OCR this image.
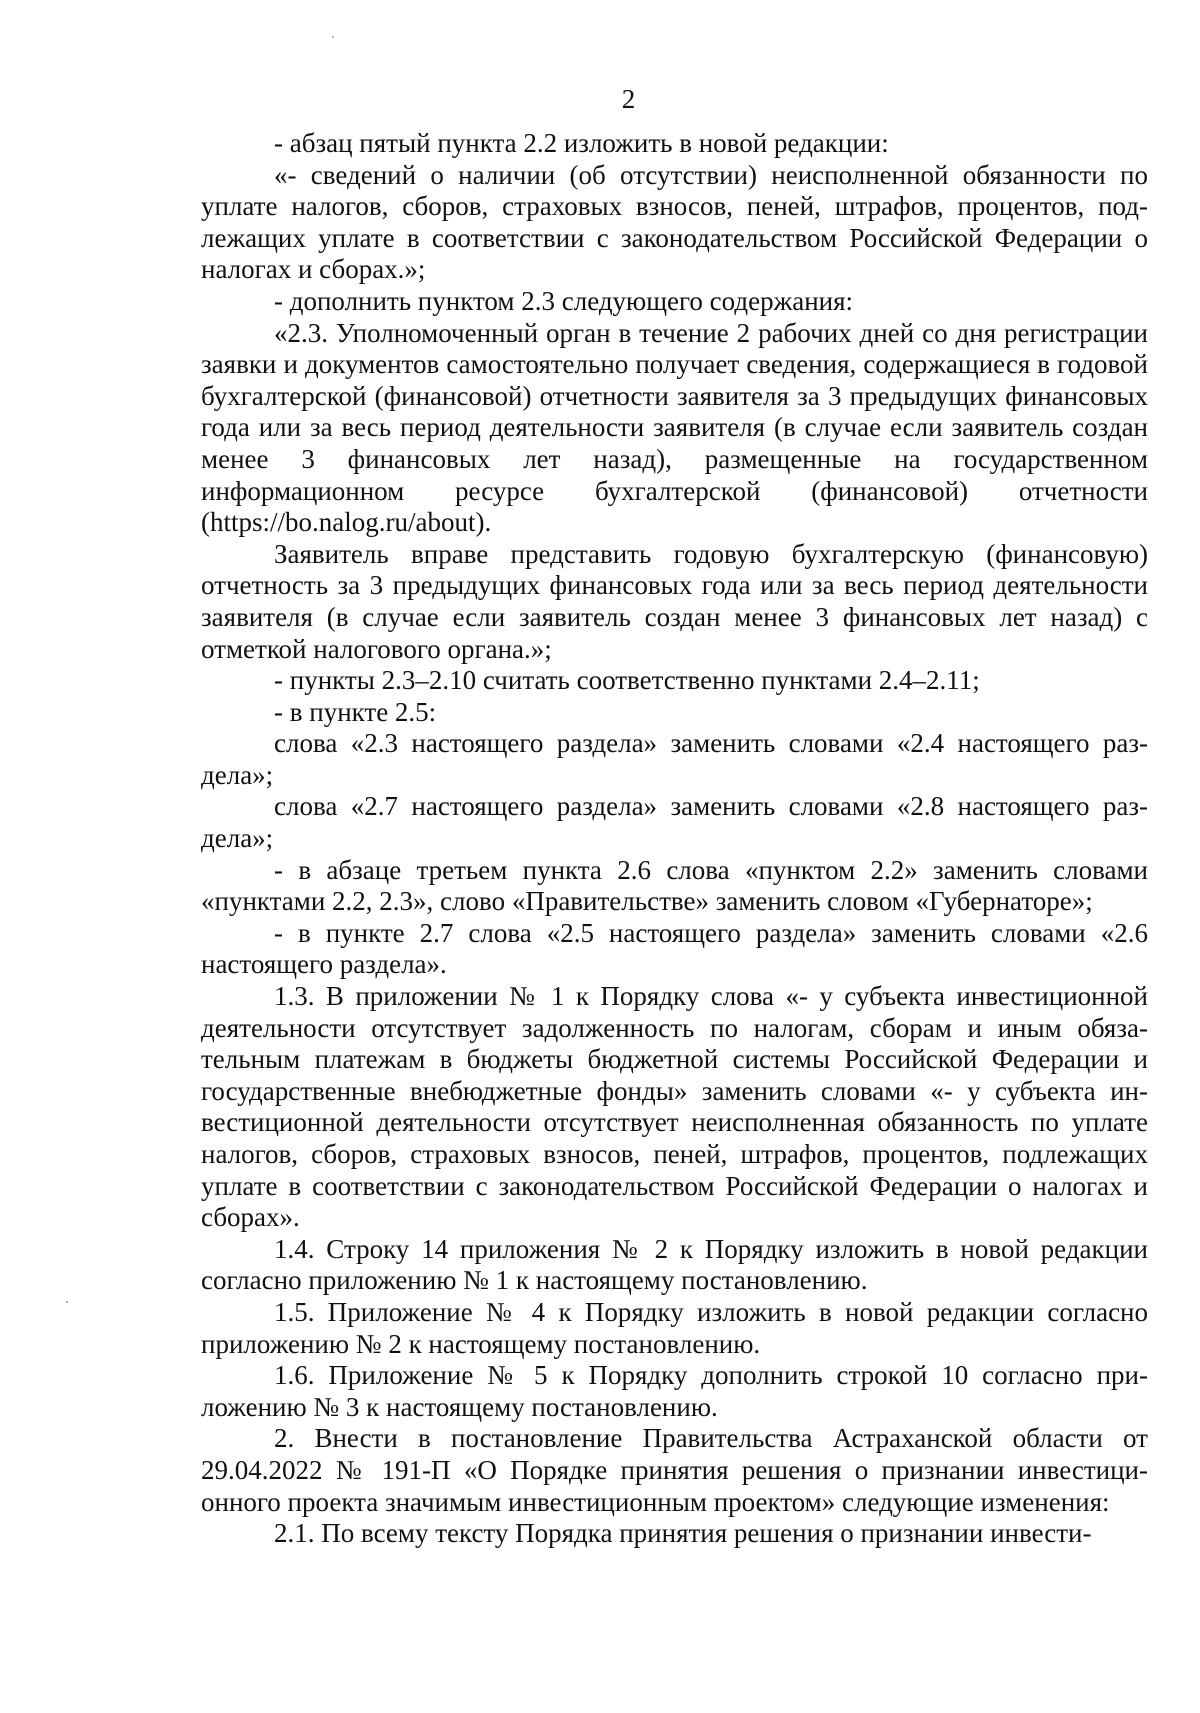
2

- абзац пятый пункта 2.2 изложить в новой редакции:

«- сведений о наличии (об отсутствии) неисполненной обязанности по уплате налогов, сборов, страховых взносов, пеней, штрафов, процентов, подлежащих уплате в соответствии с законодательством Российской Федерации о налогах и сборах.»;

- дополнить пунктом 2.3 следующего содержания:

«2.3. Уполномоченный орган в течение 2 рабочих дней со дня регистрации заявки и документов самостоятельно получает сведения, содержащиеся в годовой бухгалтерской (финансовой) отчетности заявителя за 3 предыдущих финансовых года или за весь период деятельности заявителя (в случае если заявитель создан менее 3 финансовых лет назад), размещенные на государственном информационном ресурсе бухгалтерской (финансовой) отчетности (https://bo.nalog.ru/about).

Заявитель вправе представить годовую бухгалтерскую (финансовую) отчетность за 3 предыдущих финансовых года или за весь период деятельности заявителя (в случае если заявитель создан менее 3 финансовых лет назад) с отметкой налогового органа.»;

- пункты 2.3–2.10 считать соответственно пунктами 2.4–2.11;

- в пункте 2.5:

слова «2.3 настоящего раздела» заменить словами «2.4 настоящего раздела»;

слова «2.7 настоящего раздела» заменить словами «2.8 настоящего раздела»;

- в абзаце третьем пункта 2.6 слова «пунктом 2.2» заменить словами «пунктами 2.2, 2.3», слово «Правительстве» заменить словом «Губернаторе»;

- в пункте 2.7 слова «2.5 настоящего раздела» заменить словами «2.6 настоящего раздела».

1.3. В приложении № 1 к Порядку слова «- у субъекта инвестиционной деятельности отсутствует задолженность по налогам, сборам и иным обязательным платежам в бюджеты бюджетной системы Российской Федерации и государственные внебюджетные фонды» заменить словами «- у субъекта инвестиционной деятельности отсутствует неисполненная обязанность по уплате налогов, сборов, страховых взносов, пеней, штрафов, процентов, подлежащих уплате в соответствии с законодательством Российской Федерации о налогах и сборах».

1.4. Строку 14 приложения № 2 к Порядку изложить в новой редакции согласно приложению № 1 к настоящему постановлению.

1.5. Приложение № 4 к Порядку изложить в новой редакции согласно приложению № 2 к настоящему постановлению.

1.6. Приложение № 5 к Порядку дополнить строкой 10 согласно приложению № 3 к настоящему постановлению.

2. Внести в постановление Правительства Астраханской области от 29.04.2022 № 191-П «О Порядке принятия решения о признании инвестиционного проекта значимым инвестиционным проектом» следующие изменения:

2.1. По всему тексту Порядка принятия решения о признании инвести-
